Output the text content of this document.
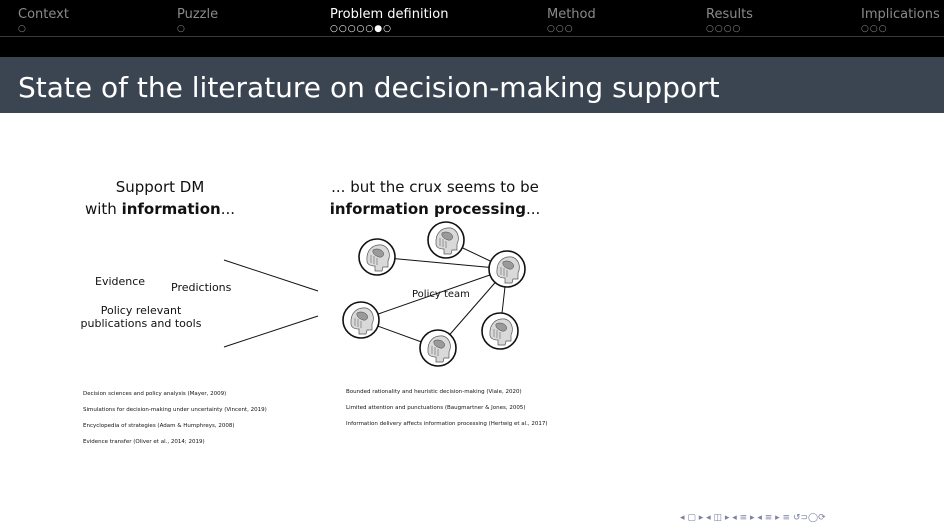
Context
○
Puzzle
○
Problem definition
○○○○○●○
Method
○○○
Results
○○○○
Implications
○○○
State of the literature on decision-making support
Support DM
with information...
... but the crux seems to be
information processing...
Evidence Predictions
Policy relevant
publications and tools
Policy team
Decision sciences and policy analysis (Mayer, 2009)
Simulations for decision-making under uncertainty (Vincent, 2019)
Encyclopedia of strategies (Adam & Humphreys, 2008)
Evidence transfer (Oliver et al., 2014; 2019)
Bounded rationality and heuristic decision-making (Viale, 2020)
Limited attention and punctuations (Baugmartner & Jones, 2005)
Information delivery affects information processing (Hertwig et al., 2017)
◂ ▢ ▸ ◂ ◫ ▸ ◂ ≡ ▸ ◂ ≡ ▸ ≡ ↺⊃◯⟳
